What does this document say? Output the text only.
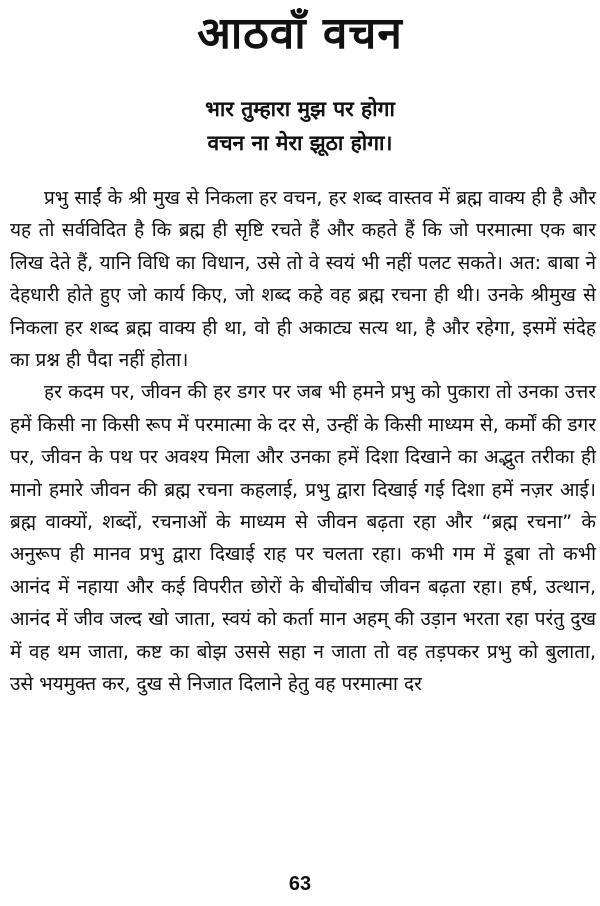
आठवाँ वचन
भार तुम्हारा मुझ पर होगा
वचन ना मेरा झूठा होगा।

प्रभु साईं के श्री मुख से निकला हर वचन, हर शब्द वास्तव में ब्रह्म वाक्य ही है और यह तो सर्वविदित है कि ब्रह्म ही सृष्टि रचते हैं और कहते हैं कि जो परमात्मा एक बार लिख देते हैं, यानि विधि का विधान, उसे तो वे स्वयं भी नहीं पलट सकते। अत: बाबा ने देहधारी होते हुए जो कार्य किए, जो शब्द कहे वह ब्रह्म रचना ही थी। उनके श्रीमुख से निकला हर शब्द ब्रह्म वाक्य ही था, वो ही अकाट्य सत्य था, है और रहेगा, इसमें संदेह का प्रश्न ही पैदा नहीं होता।

हर कदम पर, जीवन की हर डगर पर जब भी हमने प्रभु को पुकारा तो उनका उत्तर हमें किसी ना किसी रूप में परमात्मा के दर से, उन्हीं के किसी माध्यम से, कर्मों की डगर पर, जीवन के पथ पर अवश्य मिला और उनका हमें दिशा दिखाने का अद्भुत तरीका ही मानो हमारे जीवन की ब्रह्म रचना कहलाई, प्रभु द्वारा दिखाई गई दिशा हमें नज़र आई। ब्रह्म वाक्यों, शब्दों, रचनाओं के माध्यम से जीवन बढ़ता रहा और “ब्रह्म रचना” के अनुरूप ही मानव प्रभु द्वारा दिखाई राह पर चलता रहा। कभी गम में डूबा तो कभी आनंद में नहाया और कई विपरीत छोरों के बीचोंबीच जीवन बढ़ता रहा। हर्ष, उत्थान, आनंद में जीव जल्द खो जाता, स्वयं को कर्ता मान अहम् की उड़ान भरता रहा परंतु दुख में वह थम जाता, कष्ट का बोझ उससे सहा न जाता तो वह तड़पकर प्रभु को बुलाता, उसे भयमुक्त कर, दुख से निजात दिलाने हेतु वह परमात्मा दर

63
